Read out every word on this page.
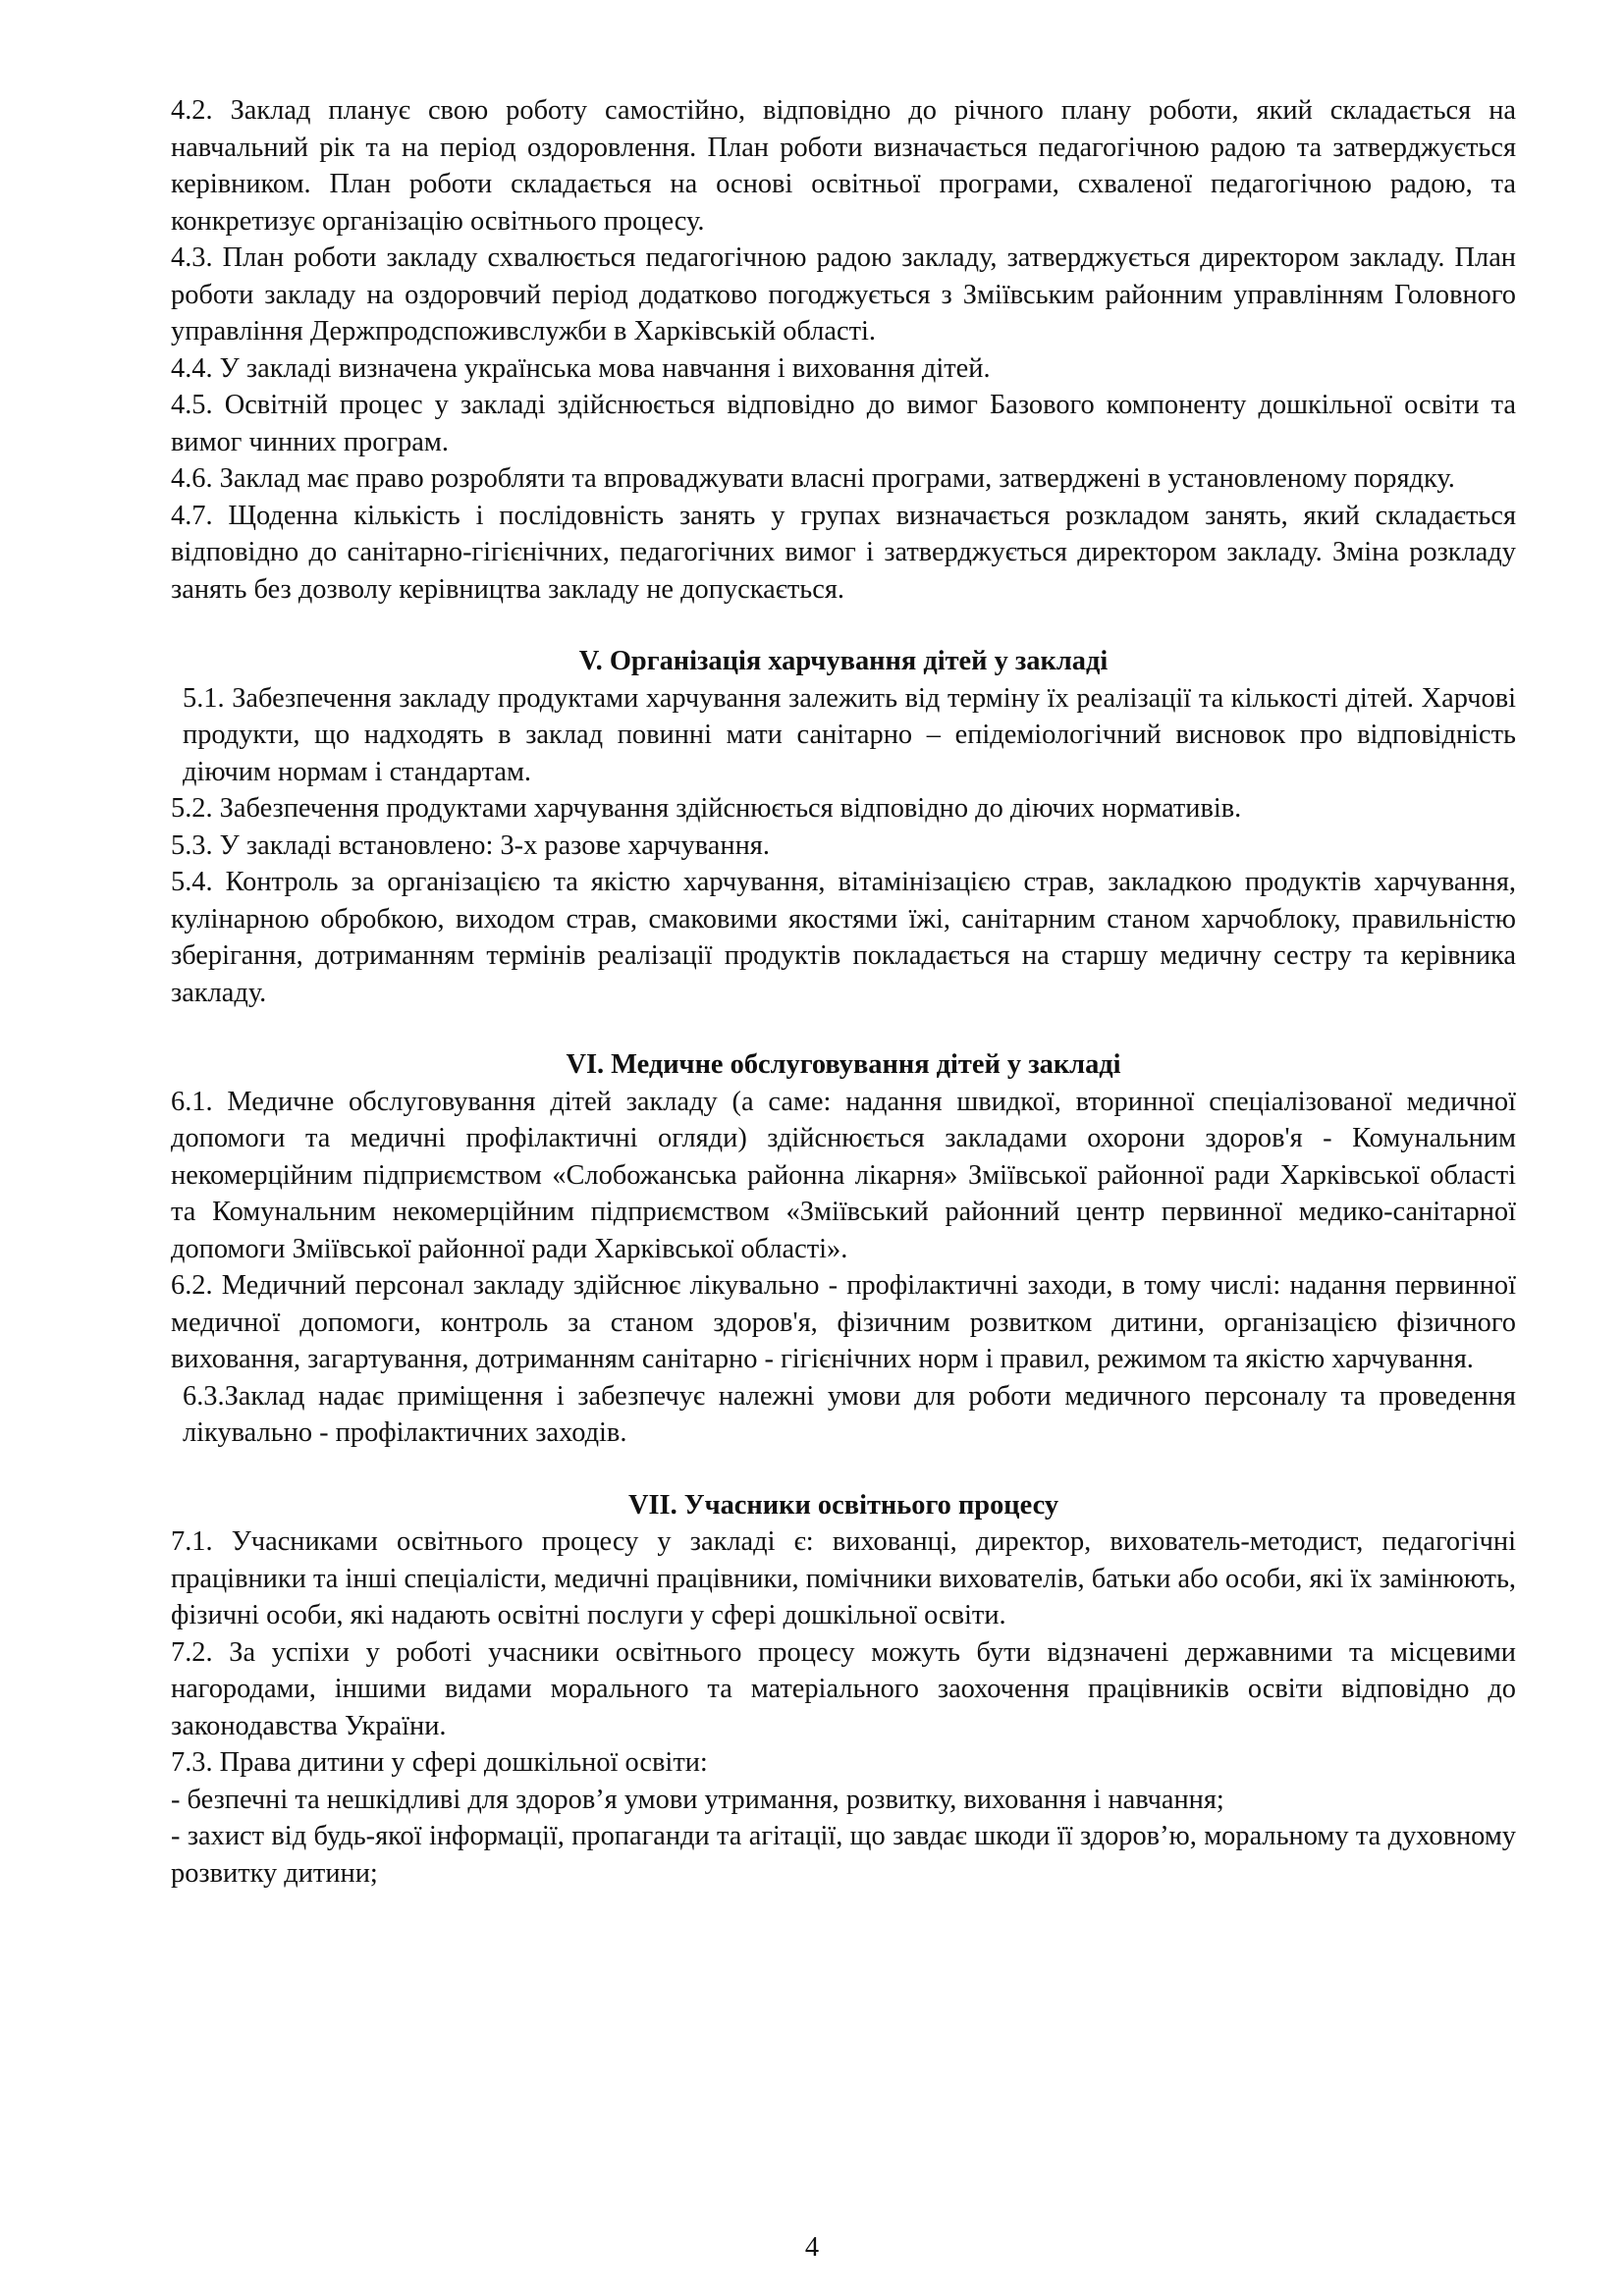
4.2. Заклад планує свою роботу самостійно, відповідно до річного плану роботи, який складається на навчальний рік та на період оздоровлення. План роботи визначається педагогічною радою та затверджується керівником. План роботи складається на основі освітньої програми, схваленої педагогічною радою, та конкретизує організацію освітнього процесу.

4.3. План роботи закладу схвалюється педагогічною радою закладу, затверджується директором закладу. План роботи закладу на оздоровчий період додатково погоджується з Зміївським районним управлінням Головного управління Держпродспоживслужби в Харківській області.

4.4. У закладі визначена українська мова навчання і виховання дітей.

4.5. Освітній процес у закладі здійснюється відповідно до вимог Базового компоненту дошкільної освіти та вимог чинних програм.

4.6. Заклад має право розробляти та впроваджувати власні програми, затверджені в установленому порядку.

4.7. Щоденна кількість і послідовність занять у групах визначається розкладом занять, який складається відповідно до санітарно-гігієнічних, педагогічних вимог і затверджується директором закладу. Зміна розкладу занять без дозволу керівництва закладу не допускається.

V. Організація харчування дітей у закладі

5.1. Забезпечення закладу продуктами харчування залежить від терміну їх реалізації та кількості дітей. Харчові продукти, що надходять в заклад повинні мати санітарно – епідеміологічний висновок про відповідність діючим нормам і стандартам.

5.2. Забезпечення продуктами харчування здійснюється відповідно до діючих нормативів.

5.3. У закладі встановлено: 3-х разове харчування.

5.4. Контроль за організацією та якістю харчування, вітамінізацією страв, закладкою продуктів харчування, кулінарною обробкою, виходом страв, смаковими якостями їжі, санітарним станом харчоблоку, правильністю зберігання, дотриманням термінів реалізації продуктів покладається на старшу медичну сестру та керівника закладу.

VI. Медичне обслуговування дітей у закладі

6.1. Медичне обслуговування дітей закладу (а саме: надання швидкої, вторинної спеціалізованої медичної допомоги та медичні профілактичні огляди) здійснюється закладами охорони здоров'я - Комунальним некомерційним підприємством «Слобожанська районна лікарня» Зміївської районної ради Харківської області та Комунальним некомерційним підприємством «Зміївський районний центр первинної медико-санітарної допомоги Зміївської районної ради Харківської області».

6.2. Медичний персонал закладу здійснює лікувально - профілактичні заходи, в тому числі: надання первинної медичної допомоги, контроль за станом здоров'я, фізичним розвитком дитини, організацією фізичного виховання, загартування, дотриманням санітарно - гігієнічних норм і правил, режимом та якістю харчування.

6.3.Заклад надає приміщення і забезпечує належні умови для роботи медичного персоналу та проведення лікувально - профілактичних заходів.

VII. Учасники освітнього процесу

7.1. Учасниками освітнього процесу у закладі є: вихованці, директор, вихователь-методист, педагогічні працівники та інші спеціалісти, медичні працівники, помічники вихователів, батьки або особи, які їх замінюють, фізичні особи, які надають освітні послуги у сфері дошкільної освіти.

7.2. За успіхи у роботі учасники освітнього процесу можуть бути відзначені державними та місцевими нагородами, іншими видами морального та матеріального заохочення працівників освіти відповідно до законодавства України.

7.3. Права дитини у сфері дошкільної освіти:

- безпечні та нешкідливі для здоров’я умови утримання, розвитку, виховання і навчання;

- захист від будь-якої інформації, пропаганди та агітації, що завдає шкоди її здоров’ю, моральному та духовному розвитку дитини;

4
